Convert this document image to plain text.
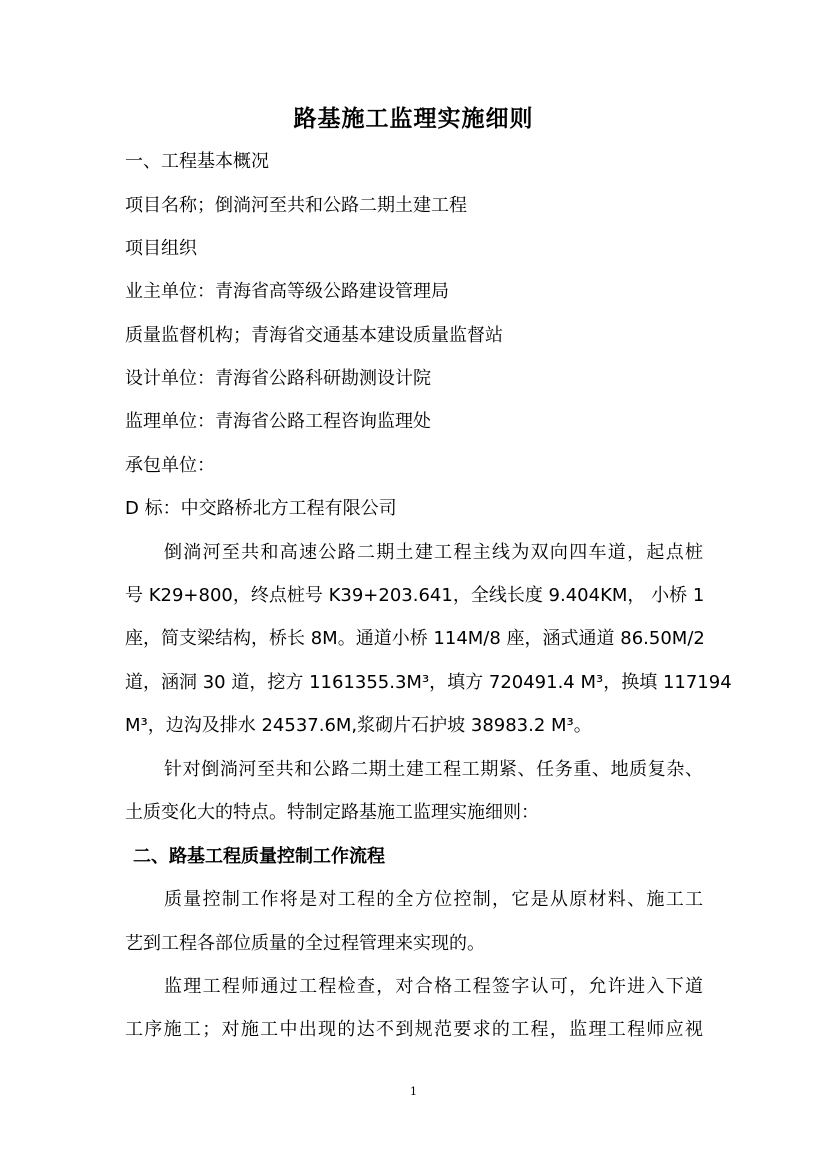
路基施工监理实施细则
一、工程基本概况
项目名称；倒淌河至共和公路二期土建工程
项目组织
业主单位：青海省高等级公路建设管理局
质量监督机构；青海省交通基本建设质量监督站
设计单位：青海省公路科研勘测设计院
监理单位：青海省公路工程咨询监理处
承包单位：
D 标：中交路桥北方工程有限公司
倒淌河至共和高速公路二期土建工程主线为双向四车道，起点桩
号 K29+800，终点桩号 K39+203.641，全线长度 9.404KM， 小桥 1
座，简支梁结构，桥长 8M。通道小桥 114M/8 座，涵式通道 86.50M/2
道，涵洞 30 道，挖方 1161355.3M³，填方 720491.4 M³，换填 117194
M³，边沟及排水 24537.6M,浆砌片石护坡 38983.2 M³。
针对倒淌河至共和公路二期土建工程工期紧、任务重、地质复杂、
土质变化大的特点。特制定路基施工监理实施细则：
二、路基工程质量控制工作流程
质量控制工作将是对工程的全方位控制，它是从原材料、施工工
艺到工程各部位质量的全过程管理来实现的。
监理工程师通过工程检查，对合格工程签字认可，允许进入下道
工序施工；对施工中出现的达不到规范要求的工程，监理工程师应视
1
